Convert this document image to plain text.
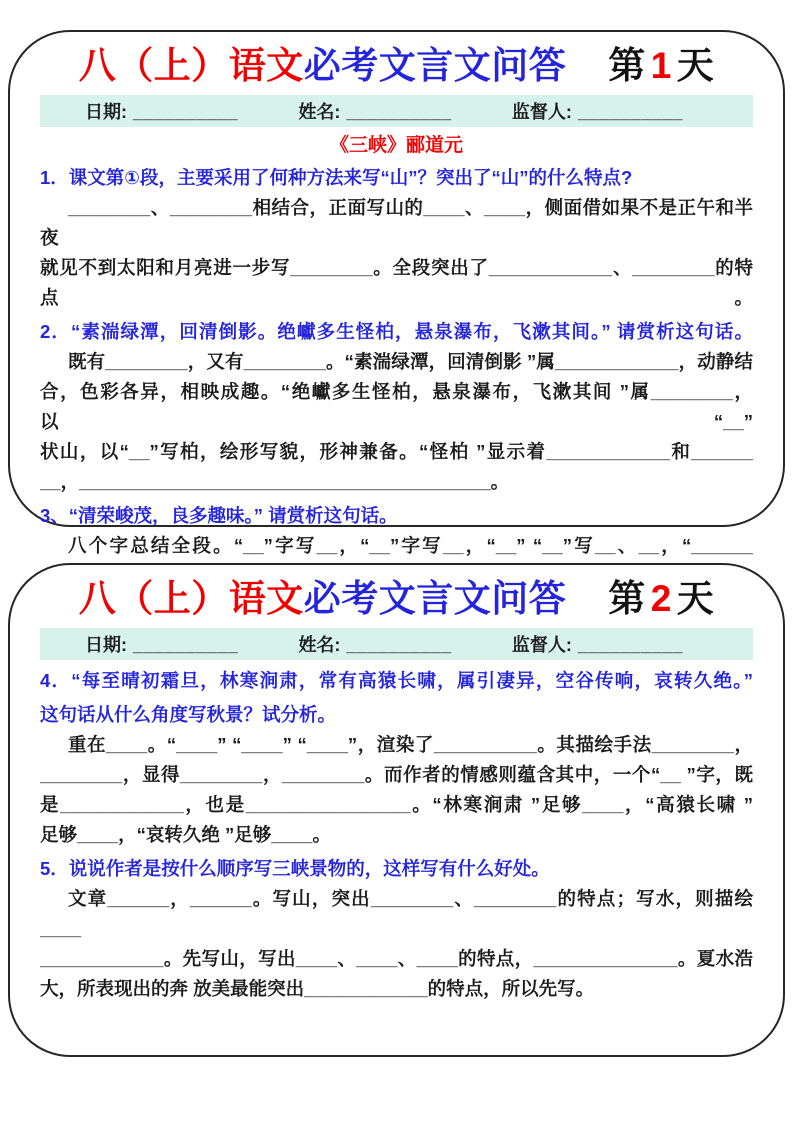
八（上）语文必考文言文问答 第 1 天
日期: __________	姓名: __________	监督人: __________
《三峡》郦道元
1．课文第①段，主要采用了何种方法来写“山”？突出了“山”的什么特点?
________、________相结合，正面写山的____、____，侧面借如果不是正午和半夜
就见不到太阳和月亮进一步写________。全段突出了____________、________的特点。
2．“素湍绿潭，回清倒影。绝巘多生怪柏，悬泉瀑布，飞漱其间。” 请赏析这句话。
既有________，又有________。“素湍绿潭，回清倒影 ”属____________，动静结
合，色彩各异，相映成趣。“绝巘多生怪柏，悬泉瀑布，飞漱其间 ”属________，以“__”
状山，以“__”写柏，绘形写貌，形神兼备。“怪柏 ”显示着____________和______
__，________________________________________。
3、“清荣峻茂，良多趣味。” 请赏析这句话。
八个字总结全段。“__”字写__，“__”字写__，“__” “__”写__、__，“______
八（上）语文必考文言文问答 第 2 天
日期: __________	姓名: __________	监督人: __________
4．“每至晴初霜旦，林寒涧肃，常有高猿长啸，属引凄异，空谷传响，哀转久绝。”
这句话从什么角度写秋景？试分析。
重在____。“____” “____” “____”，渲染了__________。其描绘手法________，
________，显得________，________。而作者的情感则蕴含其中，一个“__ ”字，既
是____________，也是________________。“林寒涧肃 ”足够____，“高猿长啸 ”
足够____，“哀转久绝 ”足够____。
5．说说作者是按什么顺序写三峡景物的，这样写有什么好处。
文章______，______。写山，突出________、________的特点；写水，则描绘____
____________。先写山，写出____、____、____的特点，______________。夏水浩
大，所表现出的奔 放美最能突出____________的特点，所以先写。
